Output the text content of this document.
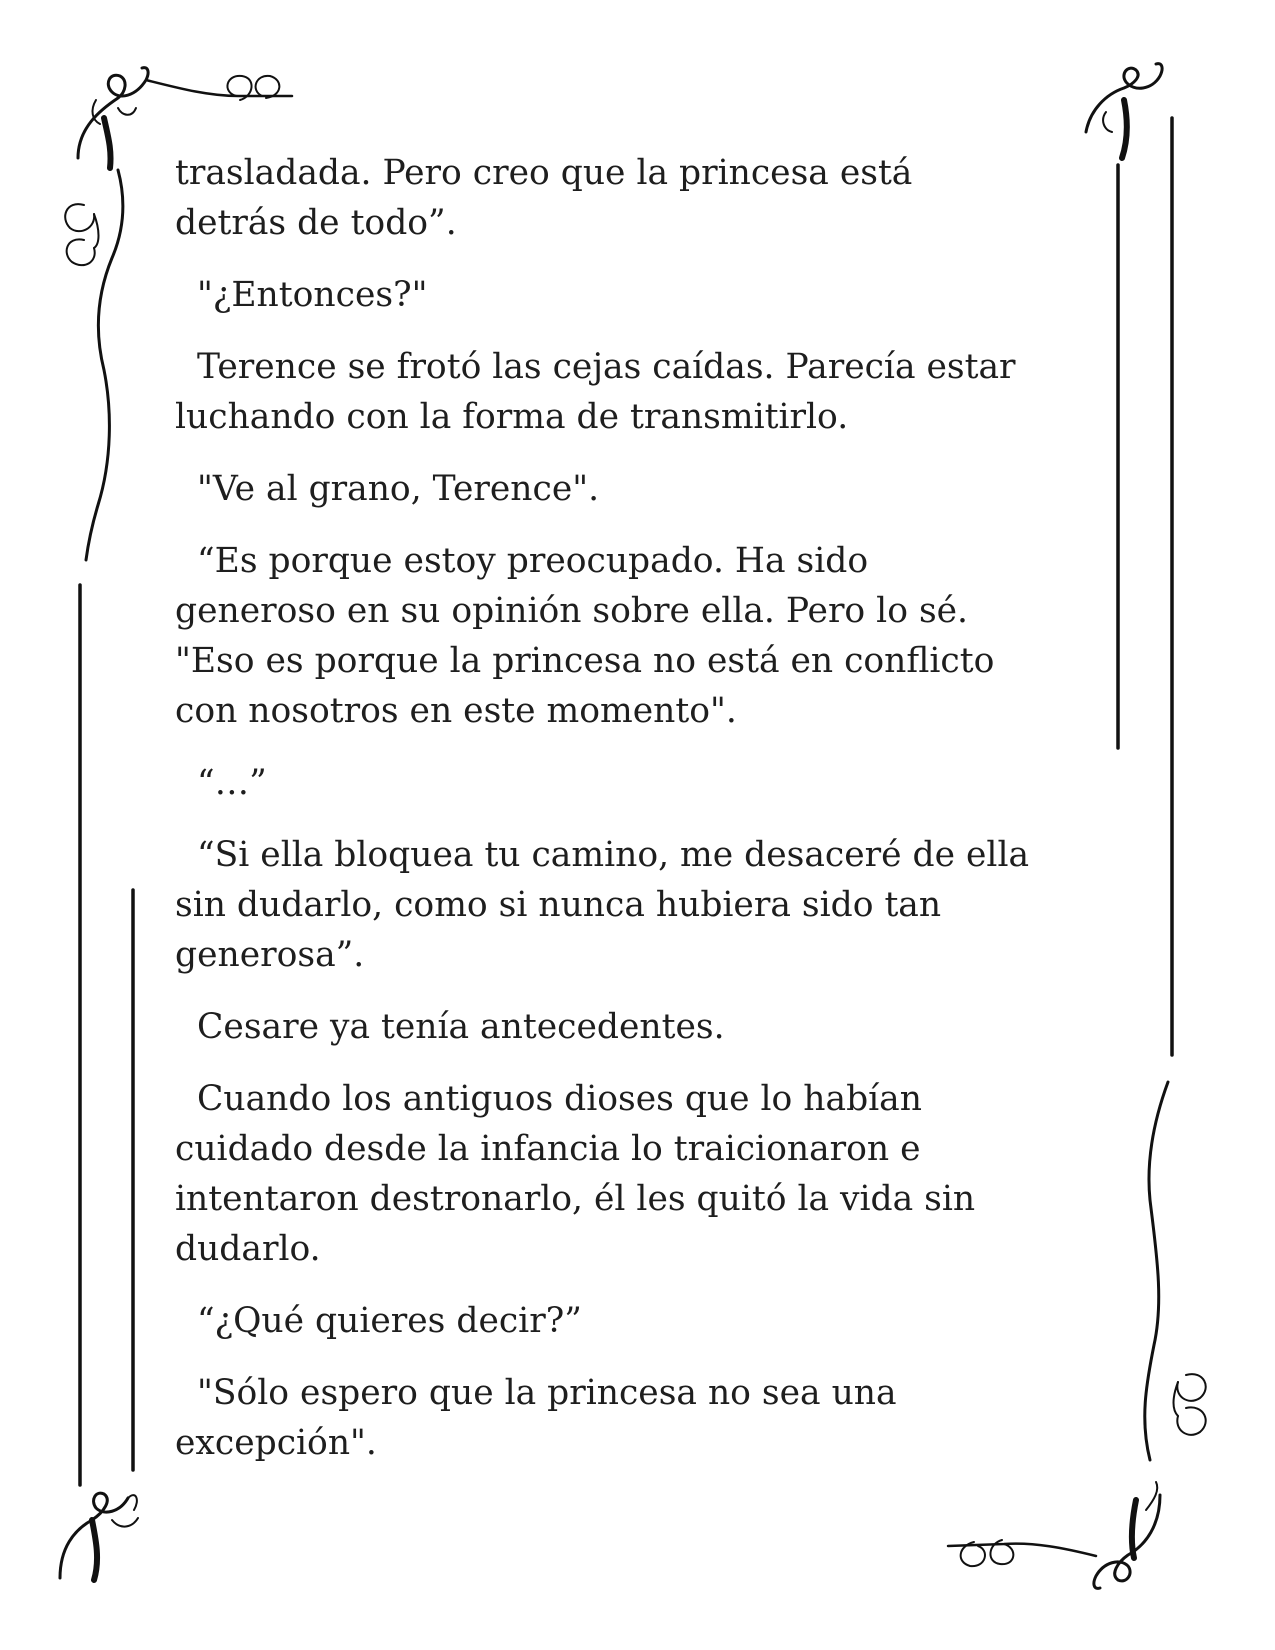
trasladada. Pero creo que la princesa está
detrás de todo”.

"¿Entonces?"

Terence se frotó las cejas caídas. Parecía estar
luchando con la forma de transmitirlo.

"Ve al grano, Terence".

“Es porque estoy preocupado. Ha sido
generoso en su opinión sobre ella. Pero lo sé.
"Eso es porque la princesa no está en conflicto
con nosotros en este momento".

“…”

“Si ella bloquea tu camino, me desaceré de ella
sin dudarlo, como si nunca hubiera sido tan
generosa”.

Cesare ya tenía antecedentes.

Cuando los antiguos dioses que lo habían
cuidado desde la infancia lo traicionaron e
intentaron destronarlo, él les quitó la vida sin
dudarlo.

“¿Qué quieres decir?”

"Sólo espero que la princesa no sea una
excepción".
